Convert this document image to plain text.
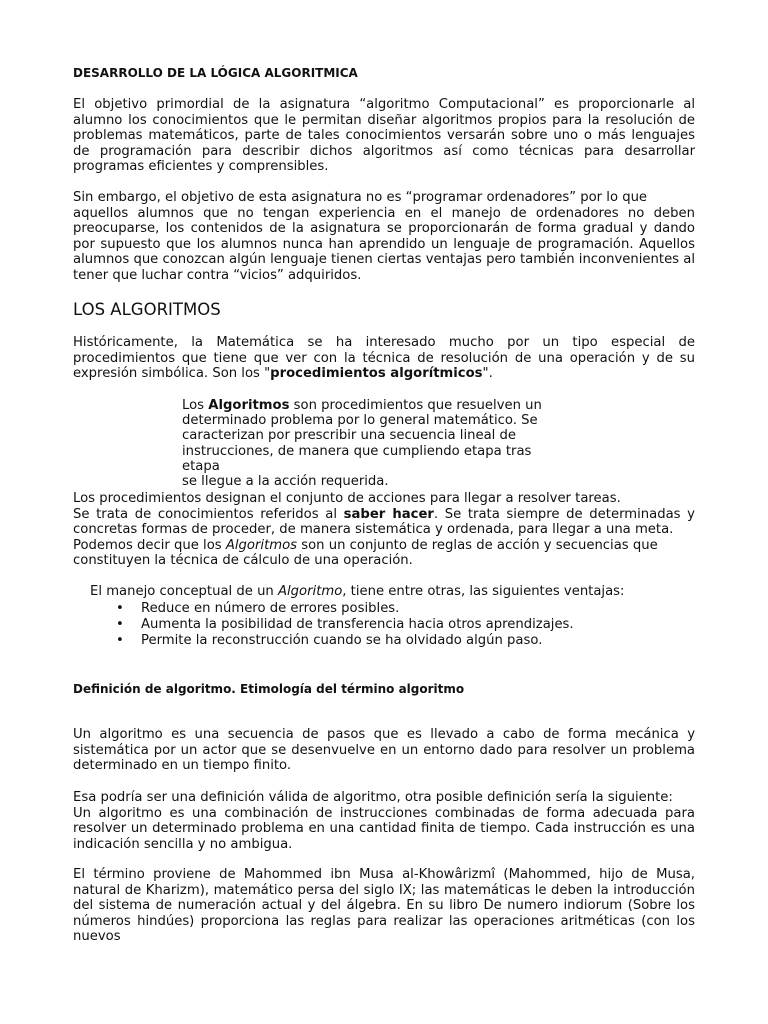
DESARROLLO DE LA LÓGICA ALGORITMICA
El objetivo primordial de la asignatura “algoritmo Computacional” es proporcionarle al alumno los conocimientos que le permitan diseñar algoritmos propios para la resolución de problemas matemáticos, parte de tales conocimientos versarán sobre uno o más lenguajes de programación para describir dichos algoritmos así como técnicas para desarrollar programas eficientes y comprensibles.
Sin embargo, el objetivo de esta asignatura no es “programar ordenadores” por lo que
aquellos alumnos que no tengan experiencia en el manejo de ordenadores no deben preocuparse, los contenidos de la asignatura se proporcionarán de forma gradual y dando por supuesto que los alumnos nunca han aprendido un lenguaje de programación. Aquellos alumnos que conozcan algún lenguaje tienen ciertas ventajas pero también inconvenientes al tener que luchar contra “vicios” adquiridos.
LOS ALGORITMOS
Históricamente, la Matemática se ha interesado mucho por un tipo especial de procedimientos que tiene que ver con la técnica de resolución de una operación y de su expresión simbólica. Son los "procedimientos algorítmicos".
Los Algoritmos son procedimientos que resuelven un
determinado problema por lo general matemático. Se
caracterizan por prescribir una secuencia lineal de
instrucciones, de manera que cumpliendo etapa tras etapa
se llegue a la acción requerida.
Los procedimientos designan el conjunto de acciones para llegar a resolver tareas.
Se trata de conocimientos referidos al saber hacer. Se trata siempre de determinadas y concretas formas de proceder, de manera sistemática y ordenada, para llegar a una meta.
Podemos decir que los Algoritmos son un conjunto de reglas de acción y secuencias que constituyen la técnica de cálculo de una operación.
El manejo conceptual de un Algoritmo, tiene entre otras, las siguientes ventajas:
• Reduce en número de errores posibles.
• Aumenta la posibilidad de transferencia hacia otros aprendizajes.
• Permite la reconstrucción cuando se ha olvidado algún paso.
Definición de algoritmo. Etimología del término algoritmo
Un algoritmo es una secuencia de pasos que es llevado a cabo de forma mecánica y sistemática por un actor que se desenvuelve en un entorno dado para resolver un problema determinado en un tiempo finito.
Esa podría ser una definición válida de algoritmo, otra posible definición sería la siguiente:
Un algoritmo es una combinación de instrucciones combinadas de forma adecuada para resolver un determinado problema en una cantidad finita de tiempo. Cada instrucción es una indicación sencilla y no ambigua.
El término proviene de Mahommed ibn Musa al-Khowârizmî (Mahommed, hijo de Musa, natural de Kharizm), matemático persa del siglo IX; las matemáticas le deben la introducción del sistema de numeración actual y del álgebra. En su libro De numero indiorum (Sobre los números hindúes) proporciona las reglas para realizar las operaciones aritméticas (con los nuevos
